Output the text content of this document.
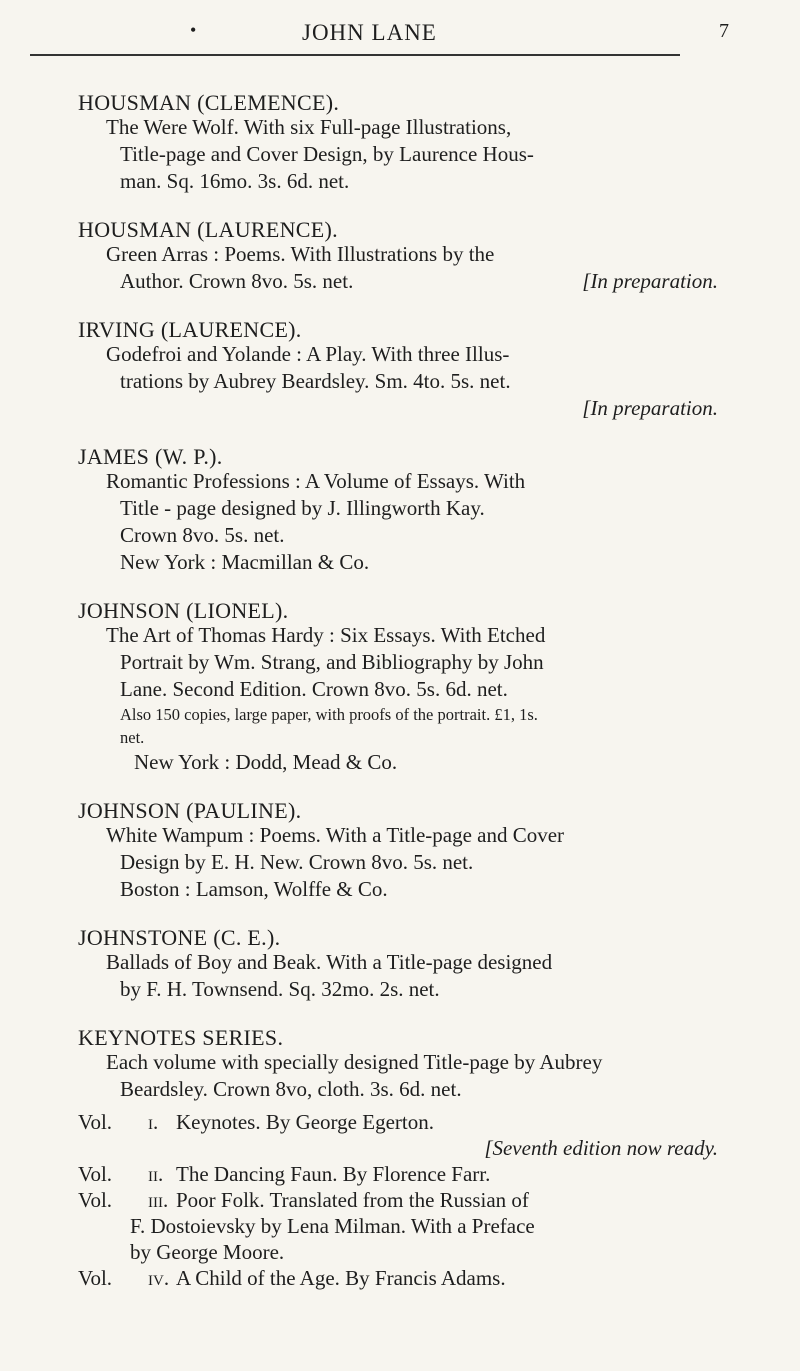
•	JOHN LANE	7
HOUSMAN (CLEMENCE).
The Were Wolf. With six Full-page Illustrations,
Title-page and Cover Design, by Laurence Hous-
man. Sq. 16mo. 3s. 6d. net.
HOUSMAN (LAURENCE).
Green Arras : Poems. With Illustrations by the
Author. Crown 8vo. 5s. net.	[In preparation.
IRVING (LAURENCE).
Godefroi and Yolande : A Play. With three Illus-
trations by Aubrey Beardsley. Sm. 4to. 5s. net.
[In preparation.
JAMES (W. P.).
Romantic Professions : A Volume of Essays. With
Title - page designed by J. Illingworth Kay.
Crown 8vo. 5s. net.
New York : Macmillan & Co.
JOHNSON (LIONEL).
The Art of Thomas Hardy : Six Essays. With Etched
Portrait by Wm. Strang, and Bibliography by John
Lane. Second Edition. Crown 8vo. 5s. 6d. net.
Also 150 copies, large paper, with proofs of the portrait. £1, 1s.
net.
New York : Dodd, Mead & Co.
JOHNSON (PAULINE).
White Wampum : Poems. With a Title-page and Cover
Design by E. H. New. Crown 8vo. 5s. net.
Boston : Lamson, Wolffe & Co.
JOHNSTONE (C. E.).
Ballads of Boy and Beak. With a Title-page designed
by F. H. Townsend. Sq. 32mo. 2s. net.
KEYNOTES SERIES.
Each volume with specially designed Title-page by Aubrey
Beardsley. Crown 8vo, cloth. 3s. 6d. net.
Vol.	i. Keynotes. By George Egerton.
[Seventh edition now ready.
Vol.	ii. The Dancing Faun. By Florence Farr.
Vol.	iii. Poor Folk. Translated from the Russian of
F. Dostoievsky by Lena Milman. With a Preface
by George Moore.
Vol.	iv. A Child of the Age. By Francis Adams.
